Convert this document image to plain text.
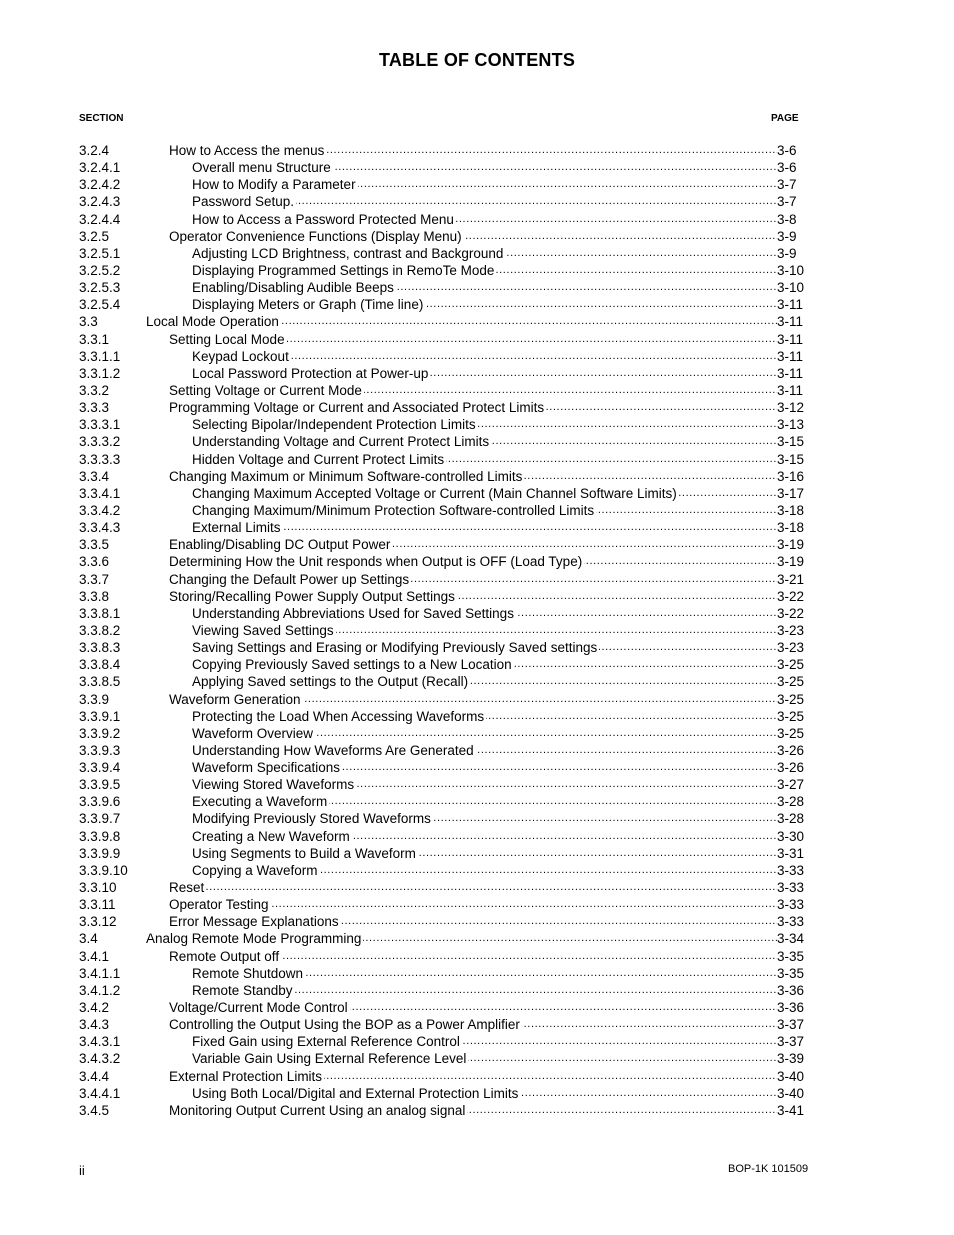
TABLE OF CONTENTS
SECTION	PAGE
3.2.4	How to Access the menus .....	3-6
3.2.4.1	Overall menu Structure .....	3-6
3.2.4.2	How to Modify a Parameter .....	3-7
3.2.4.3	Password Setup. .....	3-7
3.2.4.4	How to Access a Password Protected Menu .....	3-8
3.2.5	Operator Convenience Functions (Display Menu) .....	3-9
3.2.5.1	Adjusting LCD Brightness, contrast and Background .....	3-9
3.2.5.2	Displaying Programmed Settings in RemoTe Mode .....	3-10
3.2.5.3	Enabling/Disabling Audible Beeps .....	3-10
3.2.5.4	Displaying Meters or Graph (Time line) .....	3-11
3.3	Local Mode Operation .....	3-11
3.3.1	Setting Local Mode .....	3-11
3.3.1.1	Keypad Lockout .....	3-11
3.3.1.2	Local Password Protection at Power-up .....	3-11
3.3.2	Setting Voltage or Current Mode .....	3-11
3.3.3	Programming Voltage or Current and Associated Protect Limits .....	3-12
3.3.3.1	Selecting Bipolar/Independent Protection Limits .....	3-13
3.3.3.2	Understanding Voltage and Current Protect Limits .....	3-15
3.3.3.3	Hidden Voltage and Current Protect Limits .....	3-15
3.3.4	Changing Maximum or Minimum Software-controlled Limits .....	3-16
3.3.4.1	Changing Maximum Accepted Voltage or Current (Main Channel Software Limits) .....	3-17
3.3.4.2	Changing Maximum/Minimum Protection Software-controlled Limits .....	3-18
3.3.4.3	External Limits .....	3-18
3.3.5	Enabling/Disabling DC Output Power .....	3-19
3.3.6	Determining How the Unit responds when Output is OFF (Load Type) .....	3-19
3.3.7	Changing the Default Power up Settings .....	3-21
3.3.8	Storing/Recalling Power Supply Output Settings .....	3-22
3.3.8.1	Understanding Abbreviations Used for Saved Settings .....	3-22
3.3.8.2	Viewing Saved Settings .....	3-23
3.3.8.3	Saving Settings and Erasing or Modifying Previously Saved settings .....	3-23
3.3.8.4	Copying Previously Saved settings to a New Location .....	3-25
3.3.8.5	Applying Saved settings to the Output (Recall) .....	3-25
3.3.9	Waveform Generation .....	3-25
3.3.9.1	Protecting the Load When Accessing Waveforms .....	3-25
3.3.9.2	Waveform Overview .....	3-25
3.3.9.3	Understanding How Waveforms Are Generated .....	3-26
3.3.9.4	Waveform Specifications .....	3-26
3.3.9.5	Viewing Stored Waveforms .....	3-27
3.3.9.6	Executing a Waveform .....	3-28
3.3.9.7	Modifying Previously Stored Waveforms .....	3-28
3.3.9.8	Creating a New Waveform .....	3-30
3.3.9.9	Using Segments to Build a Waveform .....	3-31
3.3.9.10	Copying a Waveform .....	3-33
3.3.10	Reset .....	3-33
3.3.11	Operator Testing .....	3-33
3.3.12	Error Message Explanations .....	3-33
3.4	Analog Remote Mode Programming .....	3-34
3.4.1	Remote Output off .....	3-35
3.4.1.1	Remote Shutdown .....	3-35
3.4.1.2	Remote Standby .....	3-36
3.4.2	Voltage/Current Mode Control .....	3-36
3.4.3	Controlling the Output Using the BOP as a Power Amplifier .....	3-37
3.4.3.1	Fixed Gain using External Reference Control .....	3-37
3.4.3.2	Variable Gain Using External Reference Level .....	3-39
3.4.4	External Protection Limits .....	3-40
3.4.4.1	Using Both Local/Digital and External Protection Limits .....	3-40
3.4.5	Monitoring Output Current Using an analog signal .....	3-41
ii	BOP-1K 101509
